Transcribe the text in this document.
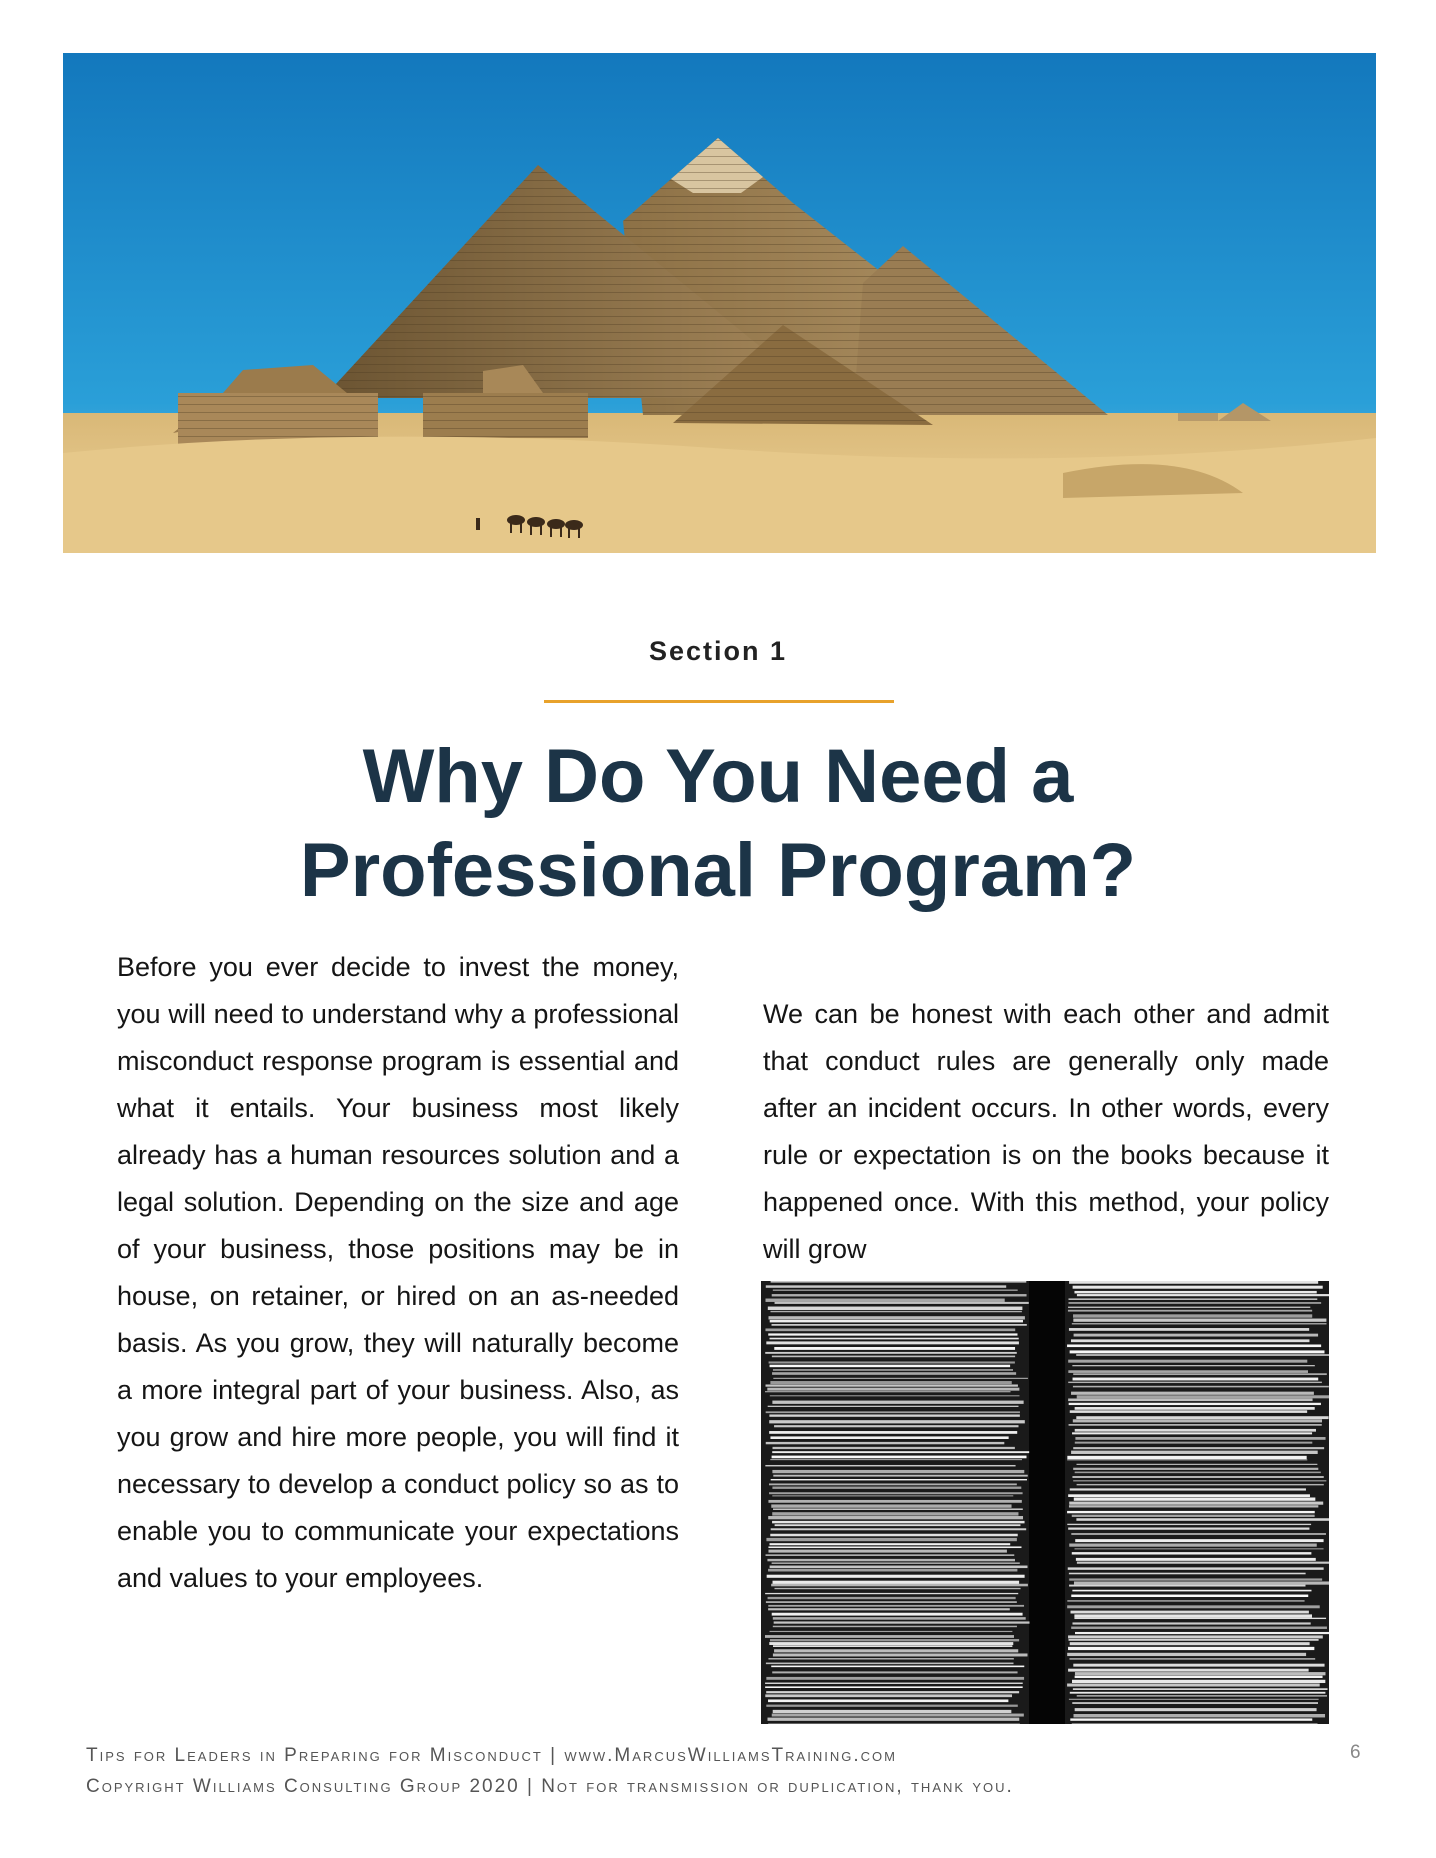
Section 1
Why Do You Need a
Professional Program?

Before you ever decide to invest the money, you will need to understand why a professional misconduct response program is essential and what it entails. Your business most likely already has a human resources solution and a legal solution. Depending on the size and age of your business, those positions may be in house, on retainer, or hired on an as-needed basis. As you grow, they will naturally become a more integral part of your business. Also, as you grow and hire more people, you will find it necessary to develop a conduct policy so as to enable you to communicate your expectations and values to your employees.

We can be honest with each other and admit that conduct rules are generally only made after an incident occurs. In other words, every rule or expectation is on the books because it happened once. With this method, your policy will grow

Tips for Leaders in Preparing for Misconduct | www.MarcusWilliamsTraining.com
Copyright Williams Consulting Group 2020 | Not for transmission or duplication, thank you.
6
